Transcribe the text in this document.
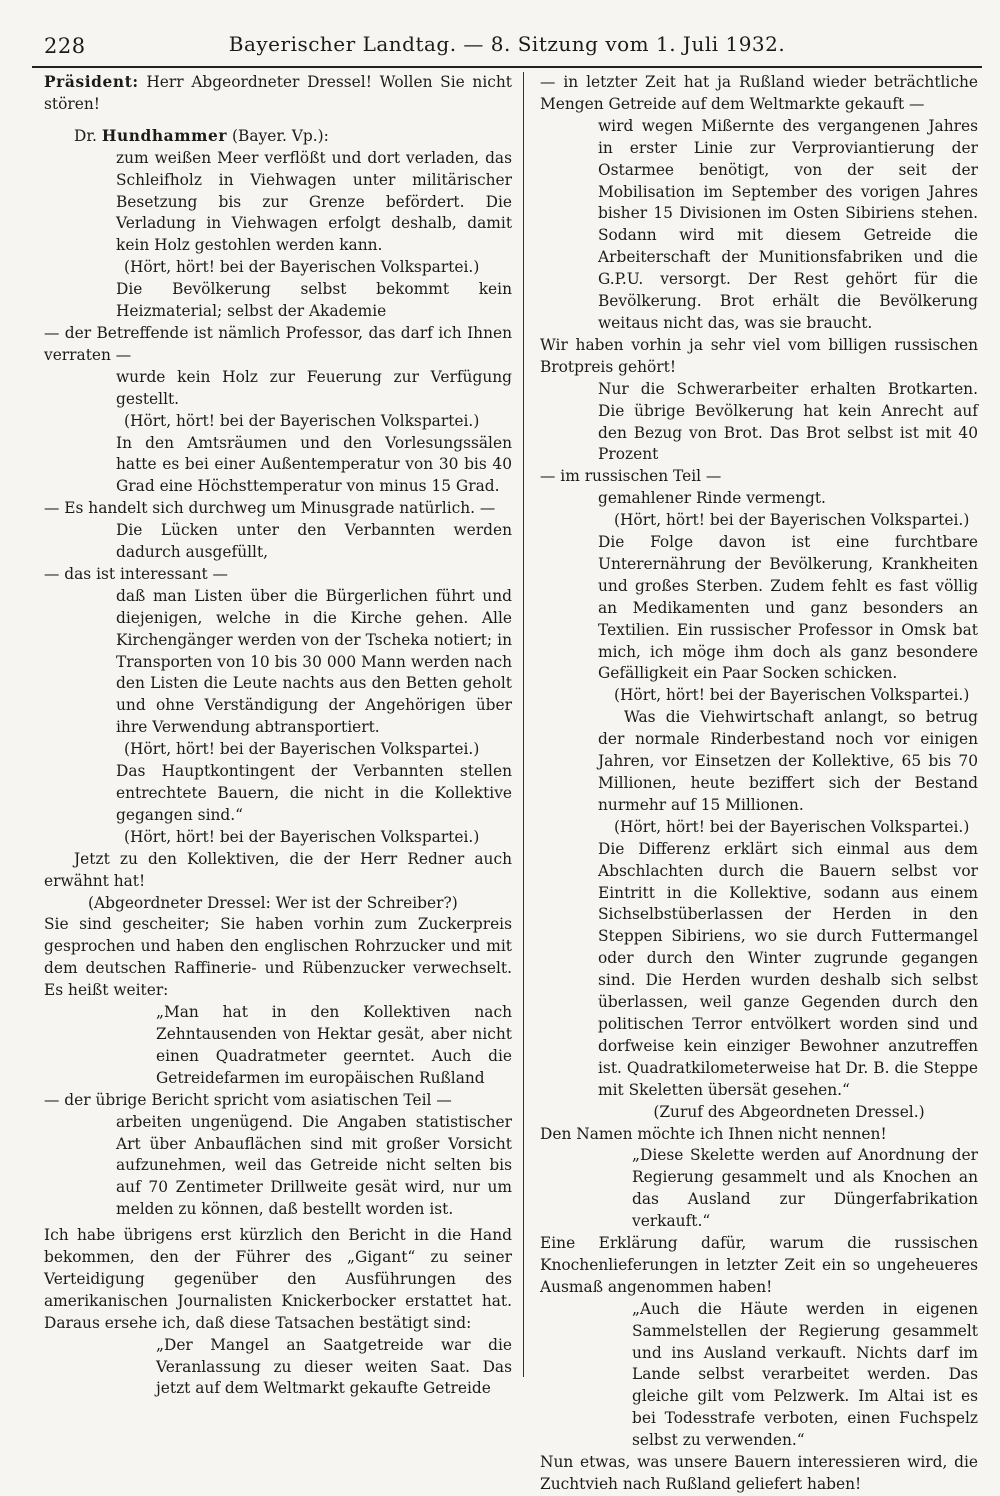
228	Bayerischer Landtag. — 8. Sitzung vom 1. Juli 1932.

Präsident: Herr Abgeordneter Dressel! Wollen Sie nicht stören!

Dr. Hundhammer (Bayer. Vp.):

zum weißen Meer verflößt und dort verladen, das Schleifholz in Viehwagen unter militärischer Besetzung bis zur Grenze befördert. Die Verladung in Viehwagen erfolgt deshalb, damit kein Holz gestohlen werden kann.

(Hört, hört! bei der Bayerischen Volkspartei.)

Die Bevölkerung selbst bekommt kein Heizmaterial; selbst der Akademie

— der Betreffende ist nämlich Professor, das darf ich Ihnen verraten —

wurde kein Holz zur Feuerung zur Verfügung gestellt.

(Hört, hört! bei der Bayerischen Volkspartei.)

In den Amtsräumen und den Vorlesungssälen hatte es bei einer Außentemperatur von 30 bis 40 Grad eine Höchsttemperatur von minus 15 Grad.

— Es handelt sich durchweg um Minusgrade natürlich. —

Die Lücken unter den Verbannten werden dadurch ausgefüllt,

— das ist interessant —

daß man Listen über die Bürgerlichen führt und diejenigen, welche in die Kirche gehen. Alle Kirchengänger werden von der Tscheka notiert; in Transporten von 10 bis 30 000 Mann werden nach den Listen die Leute nachts aus den Betten geholt und ohne Verständigung der Angehörigen über ihre Verwendung abtransportiert.

(Hört, hört! bei der Bayerischen Volkspartei.)

Das Hauptkontingent der Verbannten stellen entrechtete Bauern, die nicht in die Kollektive gegangen sind.“

(Hört, hört! bei der Bayerischen Volkspartei.)

Jetzt zu den Kollektiven, die der Herr Redner auch erwähnt hat!

(Abgeordneter Dressel: Wer ist der Schreiber?)

Sie sind gescheiter; Sie haben vorhin zum Zuckerpreis gesprochen und haben den englischen Rohrzucker und mit dem deutschen Raffinerie- und Rübenzucker verwechselt. Es heißt weiter:

„Man hat in den Kollektiven nach Zehntausenden von Hektar gesät, aber nicht einen Quadratmeter geerntet. Auch die Getreidefarmen im europäischen Rußland

— der übrige Bericht spricht vom asiatischen Teil —

arbeiten ungenügend. Die Angaben statistischer Art über Anbauflächen sind mit großer Vorsicht aufzunehmen, weil das Getreide nicht selten bis auf 70 Zentimeter Drillweite gesät wird, nur um melden zu können, daß bestellt worden ist.

Ich habe übrigens erst kürzlich den Bericht in die Hand bekommen, den der Führer des „Gigant“ zu seiner Verteidigung gegenüber den Ausführungen des amerikanischen Journalisten Knickerbocker erstattet hat. Daraus ersehe ich, daß diese Tatsachen bestätigt sind:

„Der Mangel an Saatgetreide war die Veranlassung zu dieser weiten Saat. Das jetzt auf dem Weltmarkt gekaufte Getreide

— in letzter Zeit hat ja Rußland wieder beträchtliche Mengen Getreide auf dem Weltmarkte gekauft —

wird wegen Mißernte des vergangenen Jahres in erster Linie zur Verproviantierung der Ostarmee benötigt, von der seit der Mobilisation im September des vorigen Jahres bisher 15 Divisionen im Osten Sibiriens stehen. Sodann wird mit diesem Getreide die Arbeiterschaft der Munitionsfabriken und die G.P.U. versorgt. Der Rest gehört für die Bevölkerung. Brot erhält die Bevölkerung weitaus nicht das, was sie braucht.

Wir haben vorhin ja sehr viel vom billigen russischen Brotpreis gehört!

Nur die Schwerarbeiter erhalten Brotkarten. Die übrige Bevölkerung hat kein Anrecht auf den Bezug von Brot. Das Brot selbst ist mit 40 Prozent

— im russischen Teil —

gemahlener Rinde vermengt.

(Hört, hört! bei der Bayerischen Volkspartei.)

Die Folge davon ist eine furchtbare Unterernährung der Bevölkerung, Krankheiten und großes Sterben. Zudem fehlt es fast völlig an Medikamenten und ganz besonders an Textilien. Ein russischer Professor in Omsk bat mich, ich möge ihm doch als ganz besondere Gefälligkeit ein Paar Socken schicken.

(Hört, hört! bei der Bayerischen Volkspartei.)

Was die Viehwirtschaft anlangt, so betrug der normale Rinderbestand noch vor einigen Jahren, vor Einsetzen der Kollektive, 65 bis 70 Millionen, heute beziffert sich der Bestand nurmehr auf 15 Millionen.

(Hört, hört! bei der Bayerischen Volkspartei.)

Die Differenz erklärt sich einmal aus dem Abschlachten durch die Bauern selbst vor Eintritt in die Kollektive, sodann aus einem Sichselbstüberlassen der Herden in den Steppen Sibiriens, wo sie durch Futtermangel oder durch den Winter zugrunde gegangen sind. Die Herden wurden deshalb sich selbst überlassen, weil ganze Gegenden durch den politischen Terror entvölkert worden sind und dorfweise kein einziger Bewohner anzutreffen ist. Quadratkilometerweise hat Dr. B. die Steppe mit Skeletten übersät gesehen.“

(Zuruf des Abgeordneten Dressel.)

Den Namen möchte ich Ihnen nicht nennen!

„Diese Skelette werden auf Anordnung der Regierung gesammelt und als Knochen an das Ausland zur Düngerfabrikation verkauft.“

Eine Erklärung dafür, warum die russischen Knochenlieferungen in letzter Zeit ein so ungeheueres Ausmaß angenommen haben!

„Auch die Häute werden in eigenen Sammelstellen der Regierung gesammelt und ins Ausland verkauft. Nichts darf im Lande selbst verarbeitet werden. Das gleiche gilt vom Pelzwerk. Im Altai ist es bei Todesstrafe verboten, einen Fuchspelz selbst zu verwenden.“

Nun etwas, was unsere Bauern interessieren wird, die Zuchtvieh nach Rußland geliefert haben!
